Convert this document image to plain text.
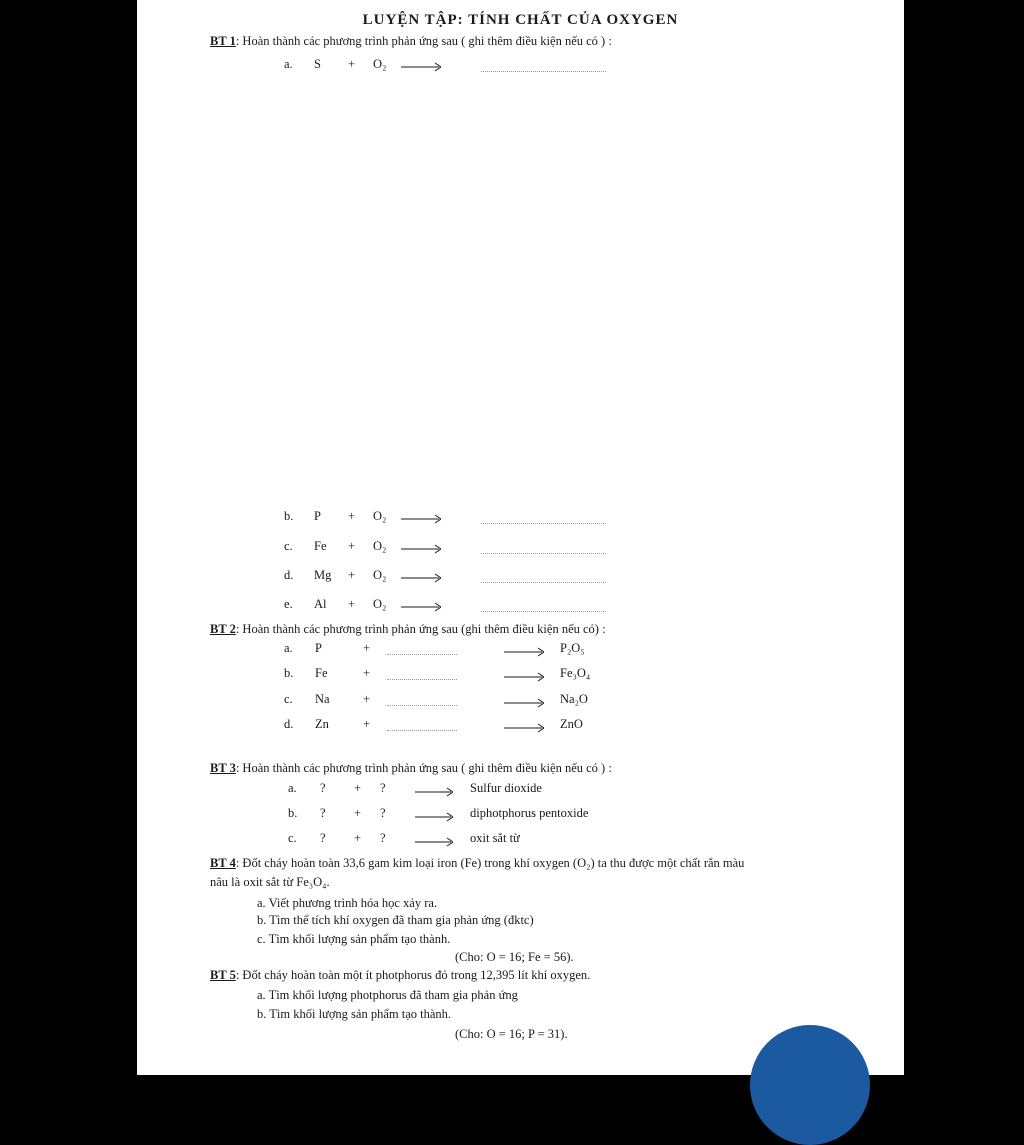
LUYỆN TẬP: TÍNH CHẤT CỦA OXYGEN
BT 1: Hoàn thành các phương trình phản ứng sau ( ghi thêm điều kiện nếu có ) :
a. S + O₂ →
b. P + O₂ →
c. Fe + O₂ →
d. Mg + O₂ →
e. Al + O₂ →
BT 2: Hoàn thành các phương trình phản ứng sau (ghi thêm điều kiện nếu có) :
a. P	+	→ P₂O₅
b. Fe	+	→ Fe₃O₄
c. Na	+	→ Na₂O
d. Zn	+	→ ZnO
BT 3: Hoàn thành các phương trình phản ứng sau ( ghi thêm điều kiện nếu có ) :
a. ? + ? → Sulfur dioxide
b. ? + ? → diphotphorus pentoxide
c. ? + ? → oxit sắt từ
BT 4: Đốt cháy hoàn toàn 33,6 gam kim loại iron (Fe) trong khí oxygen (O₂) ta thu được một chất rắn màu
nâu là oxit sắt từ Fe₃O₄.
a. Viết phương trình hóa học xảy ra.
b. Tìm thể tích khí oxygen đã tham gia phản ứng (đktc)
c. Tìm khối lượng sản phẩm tạo thành.
(Cho: O = 16; Fe = 56).
BT 5: Đốt cháy hoàn toàn một ít photphorus đỏ trong 12,395 lít khí oxygen.
a. Tìm khối lượng photphorus đã tham gia phản ứng
b. Tìm khối lượng sản phẩm tạo thành.
(Cho: O = 16; P = 31).
